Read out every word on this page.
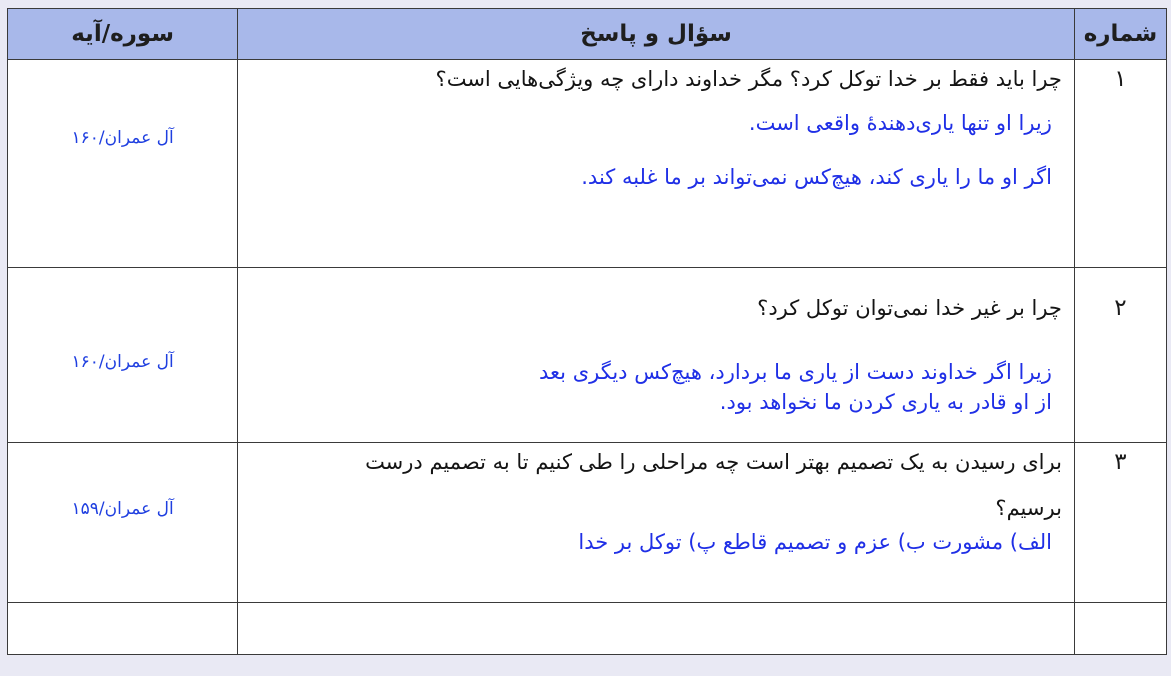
شماره	سؤال و پاسخ	سوره/آیه

۱	چرا باید فقط بر خدا توکل کرد؟ مگر خداوند دارای چه ویژگی‌هایی است؟
زیرا او تنها یاری‌دهندهٔ واقعی است.
اگر او ما را یاری کند، هیچ‌کس نمی‌تواند بر ما غلبه کند.	آل عمران/۱۶۰

۲	چرا بر غیر خدا نمی‌توان توکل کرد؟
زیرا اگر خداوند دست از یاری ما بردارد، هیچ‌کس دیگری بعد
از او قادر به یاری کردن ما نخواهد بود.	آل عمران/۱۶۰

۳	برای رسیدن به یک تصمیم بهتر است چه مراحلی را طی کنیم تا به تصمیم درست
برسیم؟
الف) مشورت ب) عزم و تصمیم قاطع پ) توکل بر خدا	آل عمران/۱۵۹
